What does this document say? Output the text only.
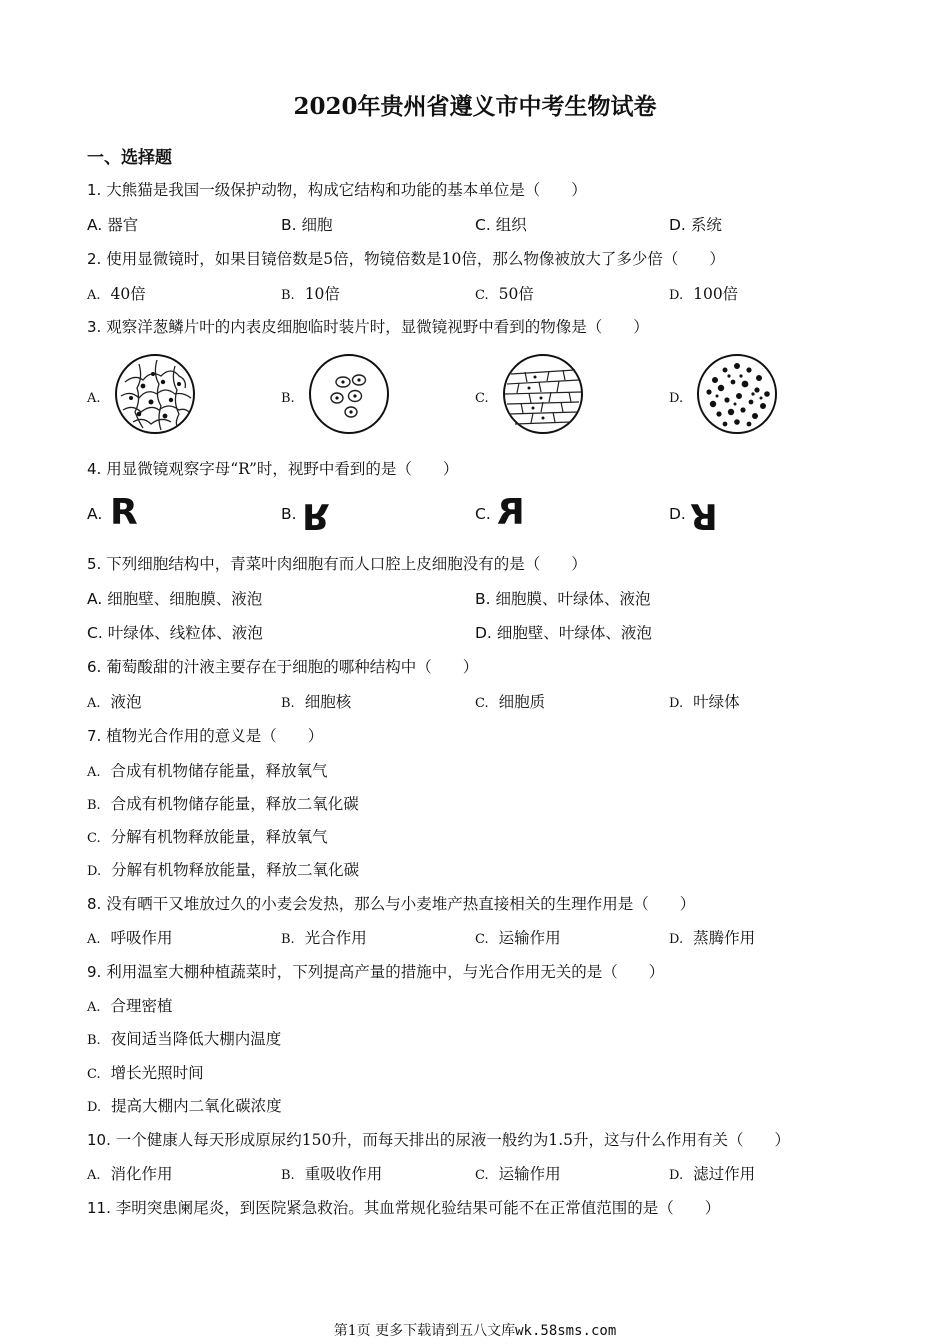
2020年贵州省遵义市中考生物试卷
一、选择题
1. 大熊猫是我国一级保护动物，构成它结构和功能的基本单位是（　　）
A. 器官	B. 细胞	C. 组织	D. 系统
2. 使用显微镜时，如果目镜倍数是5倍，物镜倍数是10倍，那么物像被放大了多少倍（　　）
A. 40倍	B. 10倍	C. 50倍	D. 100倍
3. 观察洋葱鳞片叶的内表皮细胞临时装片时，显微镜视野中看到的物像是（　　）
A.	B.	C.	D.
4. 用显微镜观察字母“R”时，视野中看到的是（　　）
A.	B.	C.	D.
R	R	R	R
5. 下列细胞结构中，青菜叶肉细胞有而人口腔上皮细胞没有的是（　　）
A. 细胞壁、细胞膜、液泡	B. 细胞膜、叶绿体、液泡
C. 叶绿体、线粒体、液泡	D. 细胞壁、叶绿体、液泡
6. 葡萄酸甜的汁液主要存在于细胞的哪种结构中（　　）
A. 液泡	B. 细胞核	C. 细胞质	D. 叶绿体
7. 植物光合作用的意义是（　　）
A. 合成有机物储存能量，释放氧气
B. 合成有机物储存能量，释放二氧化碳
C. 分解有机物释放能量，释放氧气
D. 分解有机物释放能量，释放二氧化碳
8. 没有晒干又堆放过久的小麦会发热，那么与小麦堆产热直接相关的生理作用是（　　）
A. 呼吸作用	B. 光合作用	C. 运输作用	D. 蒸腾作用
9. 利用温室大棚种植蔬菜时，下列提高产量的措施中，与光合作用无关的是（　　）
A. 合理密植
B. 夜间适当降低大棚内温度
C. 增长光照时间
D. 提高大棚内二氧化碳浓度
10. 一个健康人每天形成原尿约150升，而每天排出的尿液一般约为1.5升，这与什么作用有关（　　）
A. 消化作用	B. 重吸收作用	C. 运输作用	D. 滤过作用
11. 李明突患阑尾炎，到医院紧急救治。其血常规化验结果可能不在正常值范围的是（　　）
第1页 更多下载请到五八文库wk.58sms.com
